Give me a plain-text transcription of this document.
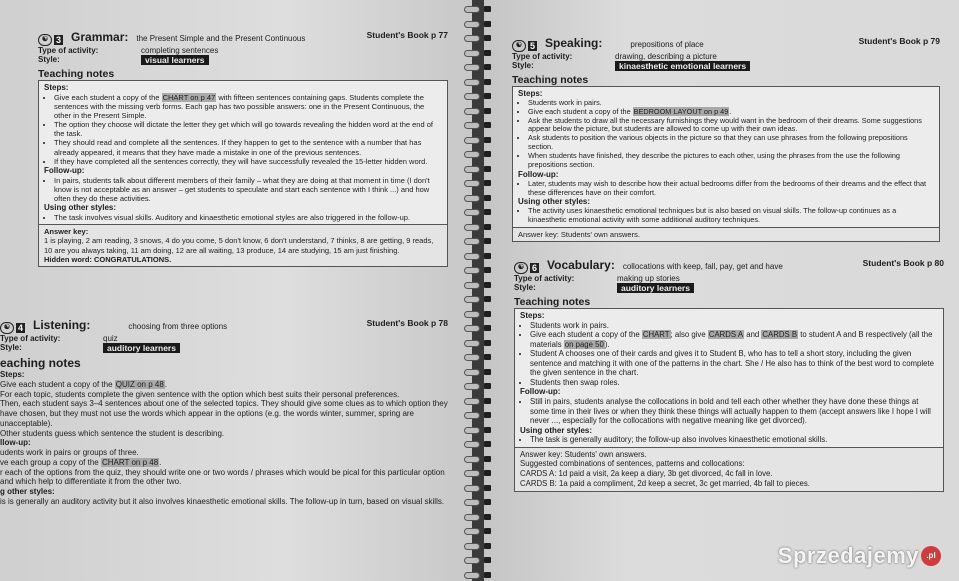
☯ 3 Grammar: the Present Simple and the Present Continuous	Student's Book p 77
Type of activity:	completing sentences
Style:	visual learners
Teaching notes
Steps:
• Give each student a copy of the CHART on p 47 with fifteen sentences containing gaps. Students complete the sentences with the missing verb forms. Each gap has two possible answers: one in the Present Continuous, the other in the Present Simple.
• The option they choose will dictate the letter they get which will go towards revealing the hidden word at the end of the task.
• They should read and complete all the sentences. If they happen to get to the sentence with a number that has already appeared, it means that they have made a mistake in one of the previous sentences.
• If they have completed all the sentences correctly, they will have successfully revealed the 15-letter hidden word.
Follow-up:
• In pairs, students talk about different members of their family – what they are doing at that moment in time (I don't know is not acceptable as an answer – get students to speculate and start each sentence with I think ...) and how often they do these activities.
Using other styles:
• The task involves visual skills. Auditory and kinaesthetic emotional styles are also triggered in the follow-up.
Answer key:
1 is playing, 2 am reading, 3 snows, 4 do you come, 5 don't know, 6 don't understand, 7 thinks, 8 are getting, 9 reads, 10 are you always taking, 11 am doing, 12 are all waiting, 13 produce, 14 are studying, 15 am just finishing.
Hidden word: CONGRATULATIONS.
☯ 4 Listening:	choosing from three options	Student's Book p 78
Type of activity:	quiz
Style:	auditory learners
eaching notes
Steps:
Give each student a copy of the QUIZ on p 48.
For each topic, students complete the given sentence with the option which best suits their personal preferences.
Then, each student says 3–4 sentences about one of the selected topics. They should give some clues as to which option they have chosen, but they must not use the words which appear in the options (e.g. the words winter, summer, spring are unacceptable).
Other students guess which sentence the student is describing.
llow-up:
udents work in pairs or groups of three.
ve each group a copy of the CHART on p 48.
r each of the options from the quiz, they should write one or two words / phrases which would be pical for this particular option and which help to differentiate it from the other two.
g other styles:
is is generally an auditory activity but it also involves kinaesthetic emotional skills. The follow-up in turn, based on visual skills.
☯ 5 Speaking:	prepositions of place	Student's Book p 79
Type of activity:	drawing, describing a picture
Style:	kinaesthetic emotional learners
Teaching notes
Steps:
• Students work in pairs.
• Give each student a copy of the BEDROOM LAYOUT on p 49.
• Ask the students to draw all the necessary furnishings they would want in the bedroom of their dreams. Some suggestions appear below the picture, but students are allowed to come up with their own ideas.
• Ask students to position the various objects in the picture so that they can use phrases from the following prepositions section.
• When students have finished, they describe the pictures to each other, using the phrases from the use the following prepositions section.
Follow-up:
• Later, students may wish to describe how their actual bedrooms differ from the bedrooms of their dreams and the effect that these differences have on their comfort.
Using other styles:
• The activity uses kinaesthetic emotional techniques but is also based on visual skills. The follow-up continues as a kinaesthetic emotional activity with some additional auditory techniques.
Answer key: Students' own answers.
☯ 6 Vocabulary: collocations with keep, fall, pay, get and have	Student's Book p 80
Type of activity:	making up stories
Style:	auditory learners
Teaching notes
Steps:
• Students work in pairs.
• Give each student a copy of the CHART; also give CARDS A and CARDS B to student A and B respectively (all the materials on page 50).
• Student A chooses one of their cards and gives it to Student B, who has to tell a short story, including the given sentence and matching it with one of the patterns in the chart. She / He also has to think of the best word to complete the given sentence in the chart.
• Students then swap roles.
Follow-up:
• Still in pairs, students analyse the collocations in bold and tell each other whether they have done these things at some time in their lives or when they think these things will actually happen to them (accept answers like I hope I will never ..., especially for the collocations with negative meaning like get divorced).
Using other styles:
• The task is generally auditory; the follow-up also involves kinaesthetic emotional skills.
Answer key: Students' own answers.
Suggested combinations of sentences, patterns and collocations:
CARDS A: 1d paid a visit, 2a keep a diary, 3b get divorced, 4c fall in love.
CARDS B: 1a paid a compliment, 2d keep a secret, 3c get married, 4b fall to pieces.
Sprzedajemy .pl
